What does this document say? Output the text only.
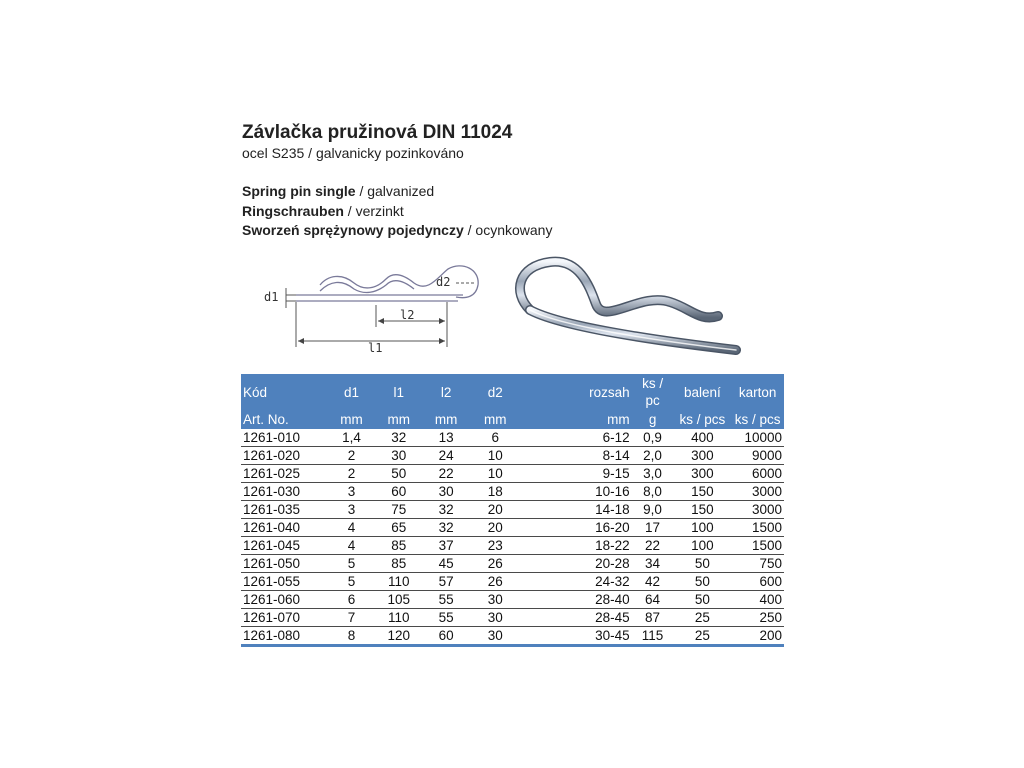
Závlačka pružinová DIN 11024
ocel S235 / galvanicky pozinkováno
Spring pin single / galvanized
Ringschrauben / verzinkt
Sworzeń sprężynowy pojedynczy / ocynkowany
d1
d2
l2
l1
Kód	d1	l1	l2	d2		rozsah	ks / pc	balení	karton
Art. No.	mm	mm	mm	mm		mm	g	ks / pcs	ks / pcs
1261-010	1,4	32	13	6		6-12	0,9	400	10000
1261-020	2	30	24	10		8-14	2,0	300	9000
1261-025	2	50	22	10		9-15	3,0	300	6000
1261-030	3	60	30	18		10-16	8,0	150	3000
1261-035	3	75	32	20		14-18	9,0	150	3000
1261-040	4	65	32	20		16-20	17	100	1500
1261-045	4	85	37	23		18-22	22	100	1500
1261-050	5	85	45	26		20-28	34	50	750
1261-055	5	110	57	26		24-32	42	50	600
1261-060	6	105	55	30		28-40	64	50	400
1261-070	7	110	55	30		28-45	87	25	250
1261-080	8	120	60	30		30-45	115	25	200
